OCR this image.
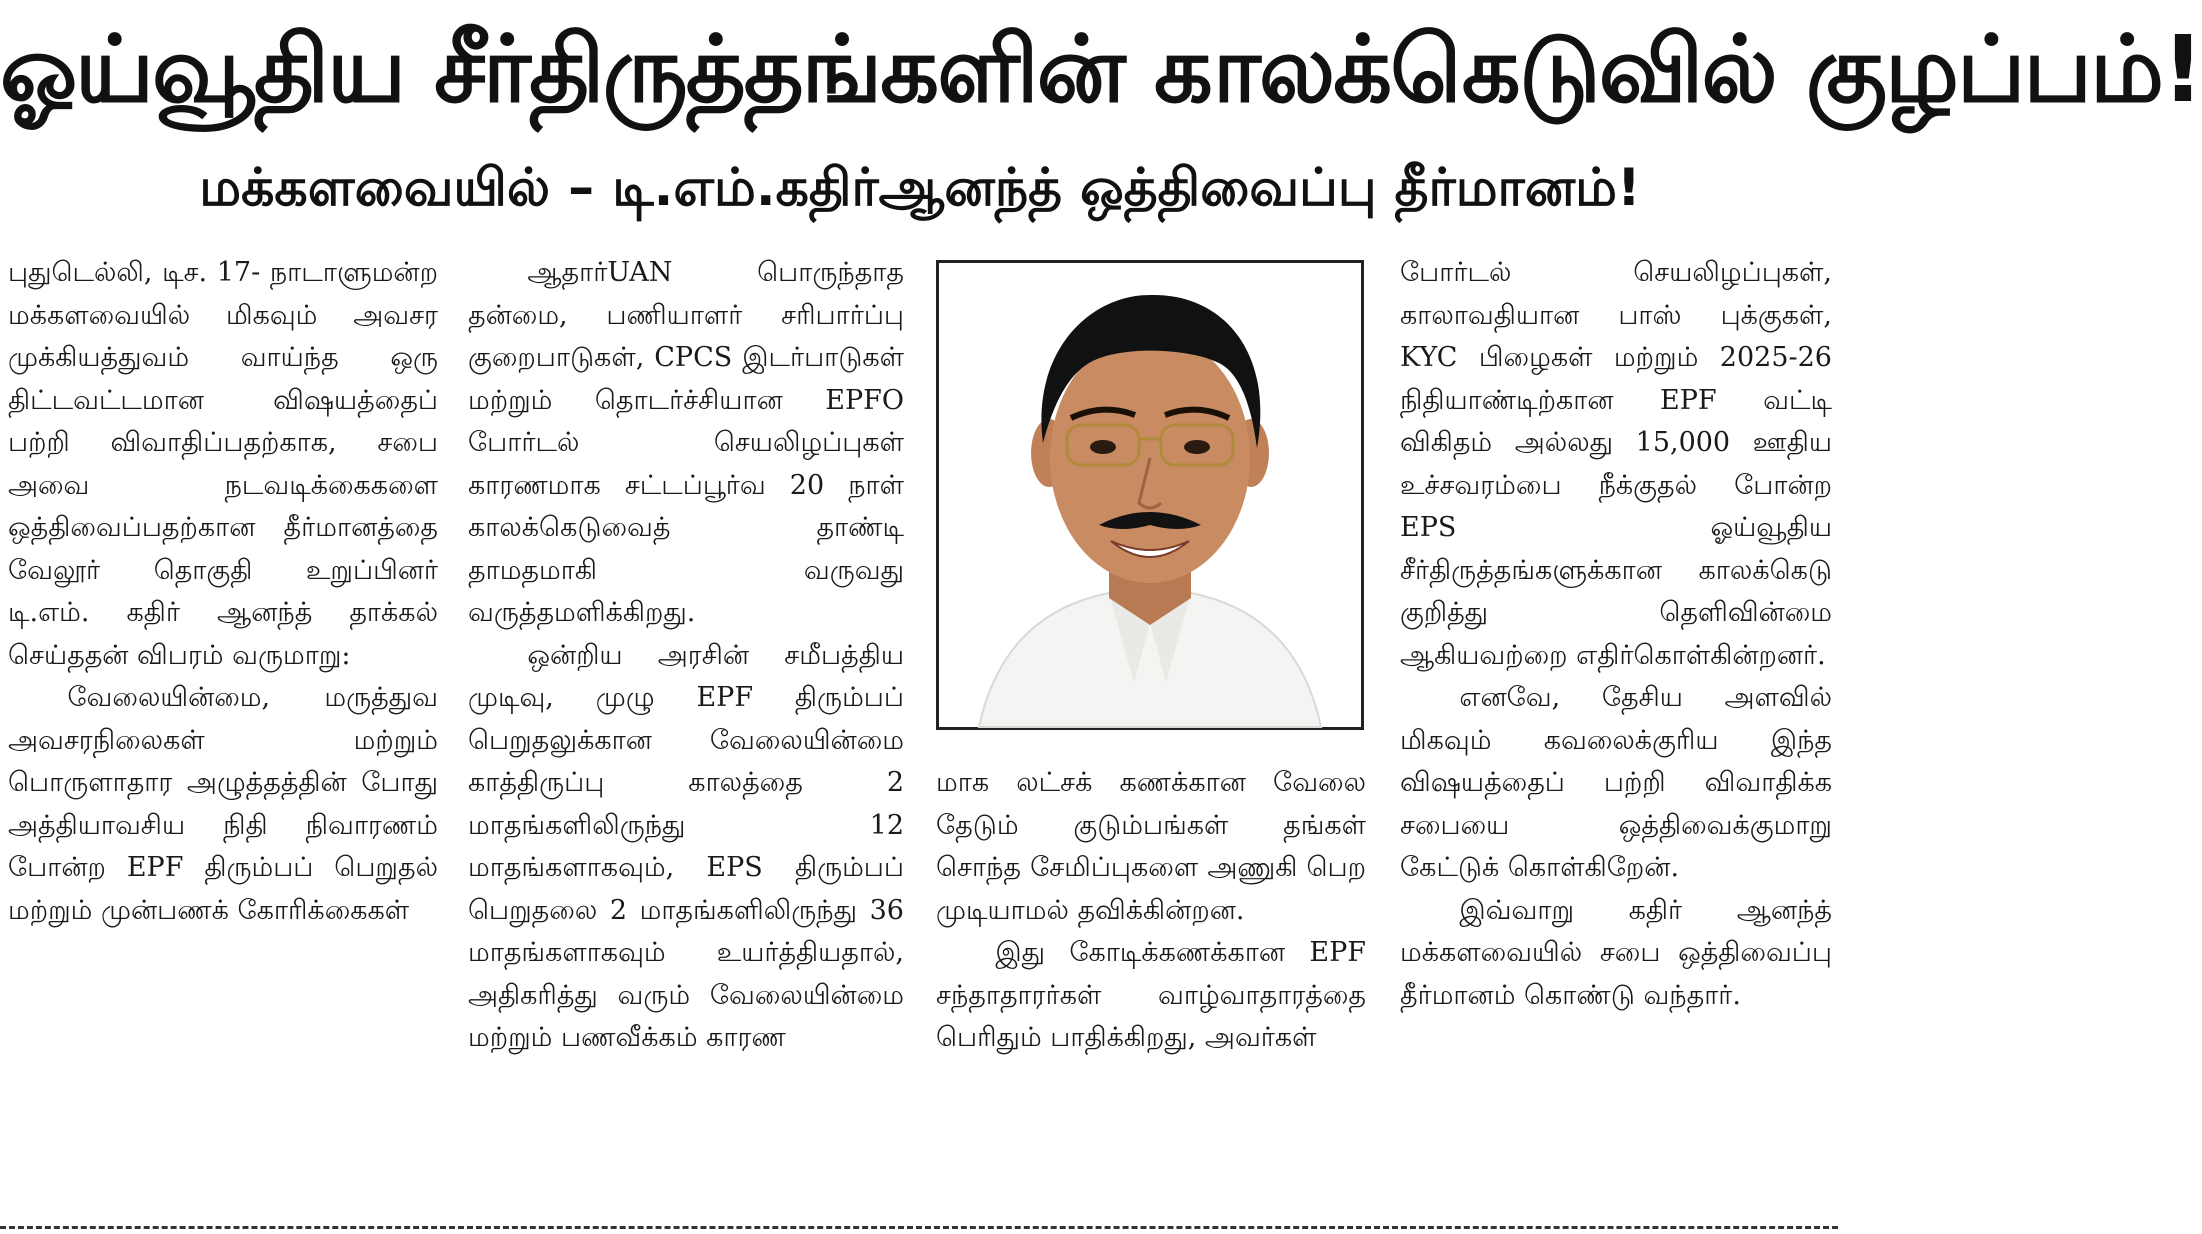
ஓய்வூதிய சீர்திருத்தங்களின் காலக்கெடுவில் குழப்பம்!
மக்களவையில் – டி.எம்.கதிர்ஆனந்த் ஒத்திவைப்பு தீர்மானம்!

புதுடெல்லி, டிச. 17- நாடாளுமன்ற மக்களவையில் மிகவும் அவசர முக்கியத்துவம் வாய்ந்த ஒரு திட்டவட்டமான விஷயத்தைப் பற்றி விவாதிப்பதற்காக, சபை அவை நடவடிக்கைகளை ஒத்திவைப்பதற்கான தீர்மானத்தை வேலூர் தொகுதி உறுப்பினர் டி.எம். கதிர் ஆனந்த் தாக்கல் செய்ததன் விபரம் வருமாறு:

வேலையின்மை, மருத்துவ அவசரநிலைகள் மற்றும் பொருளாதார அழுத்தத்தின் போது அத்தியாவசிய நிதி நிவாரணம் போன்ற EPF திரும்பப் பெறுதல் மற்றும் முன்பணக் கோரிக்கைகள்

ஆதார்UAN பொருந்தாத தன்மை, பணியாளர் சரிபார்ப்பு குறைபாடுகள், CPCS இடர்பாடுகள் மற்றும் தொடர்ச்சியான EPFO போர்டல் செயலிழப்புகள் காரணமாக சட்டப்பூர்வ 20 நாள் காலக்கெடுவைத் தாண்டி தாமதமாகி வருவது வருத்தமளிக்கிறது.

ஒன்றிய அரசின் சமீபத்திய முடிவு, முழு EPF திரும்பப் பெறுதலுக்கான வேலையின்மை காத்திருப்பு காலத்தை 2 மாதங்களிலிருந்து 12 மாதங்களாகவும், EPS திரும்பப் பெறுதலை 2 மாதங்களிலிருந்து 36 மாதங்களாகவும் உயர்த்தியதால், அதிகரித்து வரும் வேலையின்மை மற்றும் பணவீக்கம் காரண

மாக லட்சக் கணக்கான வேலை தேடும் குடும்பங்கள் தங்கள் சொந்த சேமிப்புகளை அணுகி பெற முடியாமல் தவிக்கின்றன.

இது கோடிக்கணக்கான EPF சந்தாதாரர்கள் வாழ்வாதாரத்தை பெரிதும் பாதிக்கிறது, அவர்கள்

போர்டல் செயலிழப்புகள், காலாவதியான பாஸ் புக்குகள், KYC பிழைகள் மற்றும் 2025-26 நிதியாண்டிற்கான EPF வட்டி விகிதம் அல்லது 15,000 ஊதிய உச்சவரம்பை நீக்குதல் போன்ற EPS ஓய்வூதிய சீர்திருத்தங்களுக்கான காலக்கெடு குறித்து தெளிவின்மை ஆகியவற்றை எதிர்கொள்கின்றனர்.

எனவே, தேசிய அளவில் மிகவும் கவலைக்குரிய இந்த விஷயத்தைப் பற்றி விவாதிக்க சபையை ஒத்திவைக்குமாறு கேட்டுக் கொள்கிறேன்.

இவ்வாறு கதிர் ஆனந்த் மக்களவையில் சபை ஒத்திவைப்பு தீர்மானம் கொண்டு வந்தார்.
